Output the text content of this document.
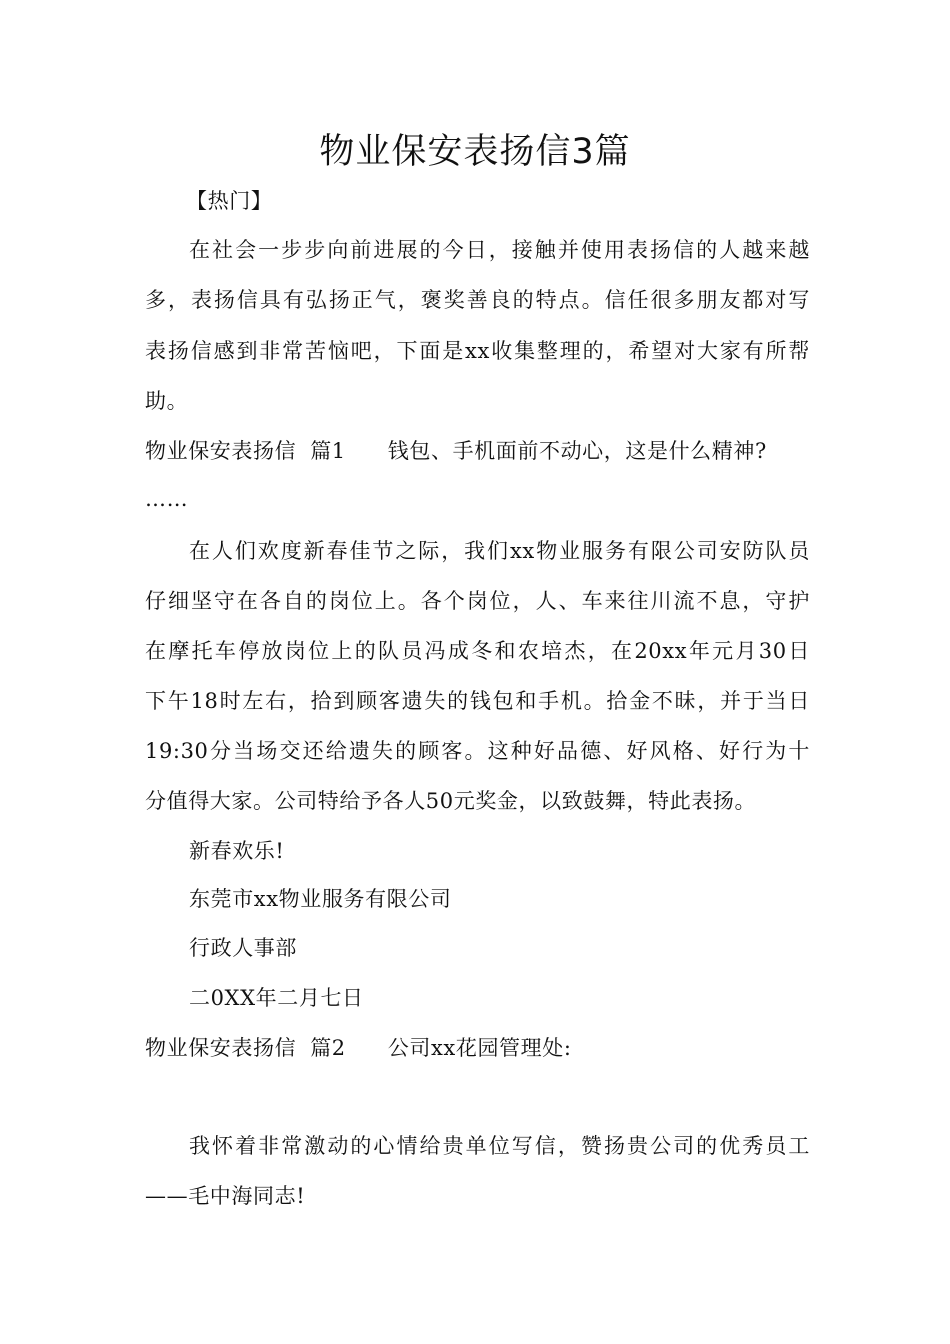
物业保安表扬信3篇
【热门】
在社会一步步向前进展的今日，接触并使用表扬信的人越来越
多，表扬信具有弘扬正气，褒奖善良的特点。信任很多朋友都对写
表扬信感到非常苦恼吧，下面是xx收集整理的，希望对大家有所帮
助。
物业保安表扬信 篇1 钱包、手机面前不动心，这是什么精神?
……
在人们欢度新春佳节之际，我们xx物业服务有限公司安防队员
仔细坚守在各自的岗位上。各个岗位，人、车来往川流不息，守护
在摩托车停放岗位上的队员冯成冬和农培杰，在20xx年元月30日
下午18时左右，拾到顾客遗失的钱包和手机。拾金不昧，并于当日
19:30分当场交还给遗失的顾客。这种好品德、好风格、好行为十
分值得大家。公司特给予各人50元奖金，以致鼓舞，特此表扬。
新春欢乐!
东莞市xx物业服务有限公司
行政人事部
二0XX年二月七日
物业保安表扬信 篇2 公司xx花园管理处:
我怀着非常激动的心情给贵单位写信，赞扬贵公司的优秀员工
——毛中海同志!
